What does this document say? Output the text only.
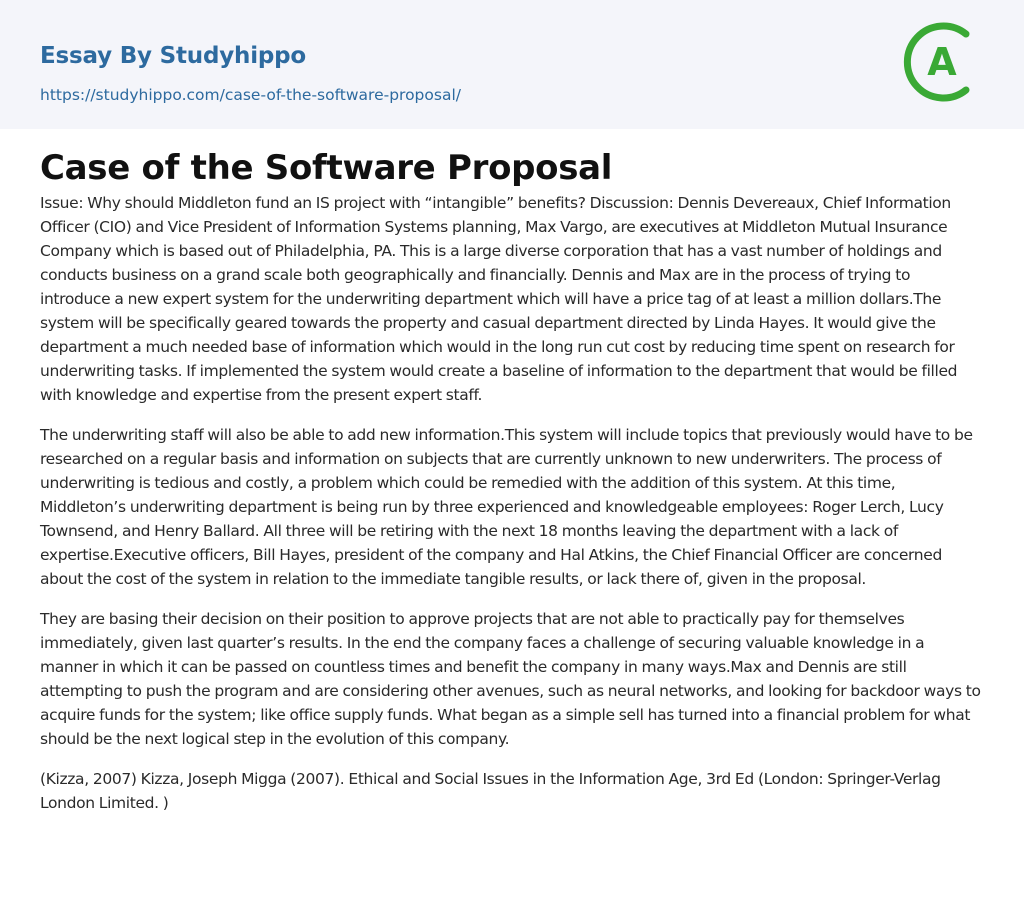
Essay By Studyhippo
https://studyhippo.com/case-of-the-software-proposal/
A
Case of the Software Proposal

Issue: Why should Middleton fund an IS project with “intangible” benefits? Discussion: Dennis Devereaux, Chief Information Officer (CIO) and Vice President of Information Systems planning, Max Vargo, are executives at Middleton Mutual Insurance Company which is based out of Philadelphia, PA. This is a large diverse corporation that has a vast number of holdings and conducts business on a grand scale both geographically and financially. Dennis and Max are in the process of trying to introduce a new expert system for the underwriting department which will have a price tag of at least a million dollars.The system will be specifically geared towards the property and casual department directed by Linda Hayes. It would give the department a much needed base of information which would in the long run cut cost by reducing time spent on research for underwriting tasks. If implemented the system would create a baseline of information to the department that would be filled with knowledge and expertise from the present expert staff.

The underwriting staff will also be able to add new information.This system will include topics that previously would have to be researched on a regular basis and information on subjects that are currently unknown to new underwriters. The process of underwriting is tedious and costly, a problem which could be remedied with the addition of this system. At this time, Middleton’s underwriting department is being run by three experienced and knowledgeable employees: Roger Lerch, Lucy Townsend, and Henry Ballard. All three will be retiring with the next 18 months leaving the department with a lack of expertise.Executive officers, Bill Hayes, president of the company and Hal Atkins, the Chief Financial Officer are concerned about the cost of the system in relation to the immediate tangible results, or lack there of, given in the proposal.

They are basing their decision on their position to approve projects that are not able to practically pay for themselves immediately, given last quarter’s results. In the end the company faces a challenge of securing valuable knowledge in a manner in which it can be passed on countless times and benefit the company in many ways.Max and Dennis are still attempting to push the program and are considering other avenues, such as neural networks, and looking for backdoor ways to acquire funds for the system; like office supply funds. What began as a simple sell has turned into a financial problem for what should be the next logical step in the evolution of this company.

(Kizza, 2007) Kizza, Joseph Migga (2007). Ethical and Social Issues in the Information Age, 3rd Ed (London: Springer-Verlag London Limited. )
